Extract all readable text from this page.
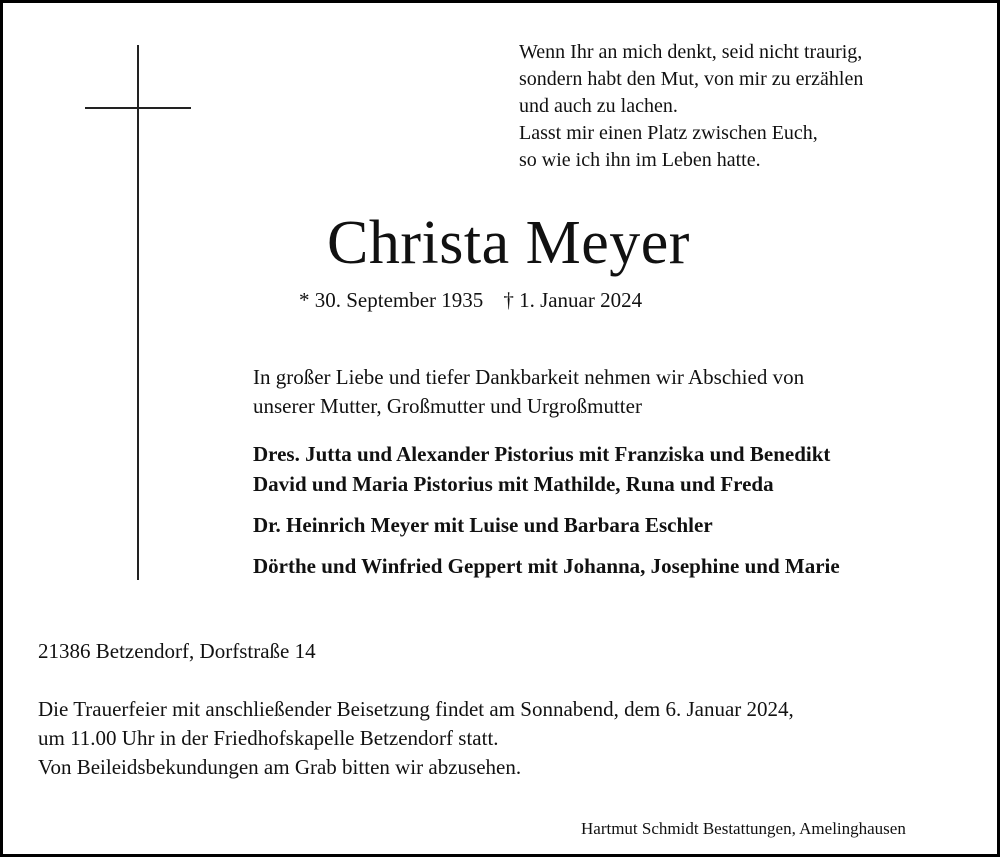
Wenn Ihr an mich denkt, seid nicht traurig,
sondern habt den Mut, von mir zu erzählen
und auch zu lachen.
Lasst mir einen Platz zwischen Euch,
so wie ich ihn im Leben hatte.
Christa Meyer
* 30. September 1935 † 1. Januar 2024
In großer Liebe und tiefer Dankbarkeit nehmen wir Abschied von
unserer Mutter, Großmutter und Urgroßmutter
Dres. Jutta und Alexander Pistorius mit Franziska und Benedikt
David und Maria Pistorius mit Mathilde, Runa und Freda
Dr. Heinrich Meyer mit Luise und Barbara Eschler
Dörthe und Winfried Geppert mit Johanna, Josephine und Marie
21386 Betzendorf, Dorfstraße 14
Die Trauerfeier mit anschließender Beisetzung findet am Sonnabend, dem 6. Januar 2024,
um 11.00 Uhr in der Friedhofskapelle Betzendorf statt.
Von Beileidsbekundungen am Grab bitten wir abzusehen.
Hartmut Schmidt Bestattungen, Amelinghausen
